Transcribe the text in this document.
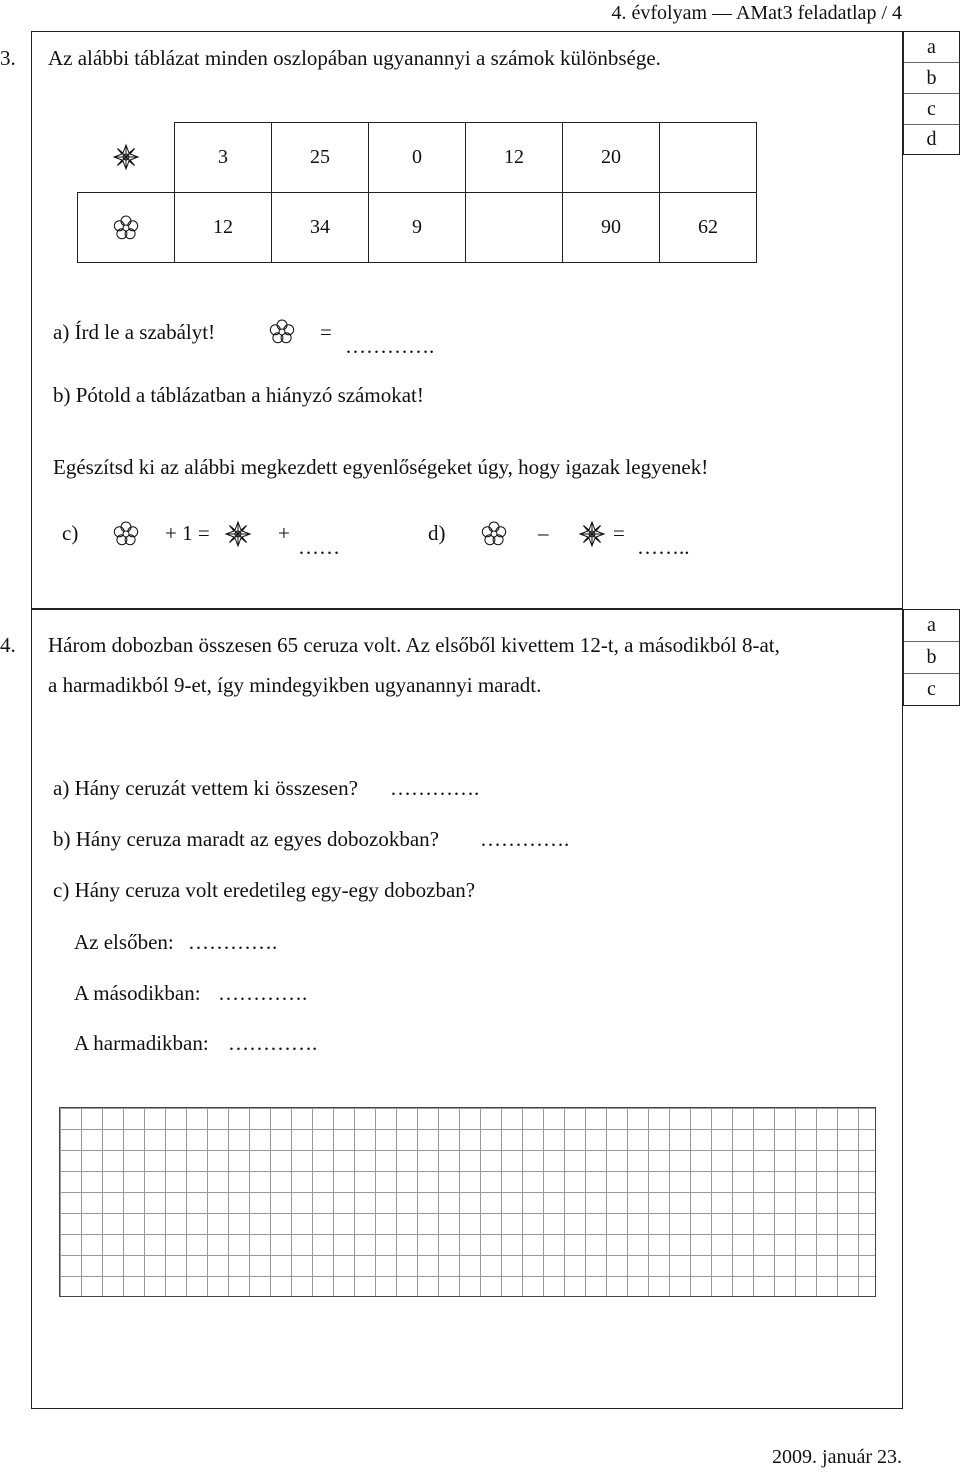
4. évfolyam — AMat3 feladatlap / 4
3. Az alábbi táblázat minden oszlopában ugyanannyi a számok különbsége.	a
b
c
d
	3	25	0	12	20	
	12	34	9		90	62
a) Írd le a szabályt!	=
………….
b) Pótold a táblázatban a hiányzó számokat!
Egészítsd ki az alábbi megkezdett egyenlőségeket úgy, hogy igazak legyenek!
c)	+ 1 =	+
……
d)	–	=
……..
4. Három dobozban összesen 65 ceruza volt. Az elsőből kivettem 12-t, a másodikból 8-at,
a harmadikból 9-et, így mindegyikben ugyanannyi maradt.
a
b
c
a) Hány ceruzát vettem ki összesen? ………….
b) Hány ceruza maradt az egyes dobozokban? ………….
c) Hány ceruza volt eredetileg egy-egy dobozban?
Az elsőben: ………….
A másodikban: ………….
A harmadikban: ………….
2009. január 23.
